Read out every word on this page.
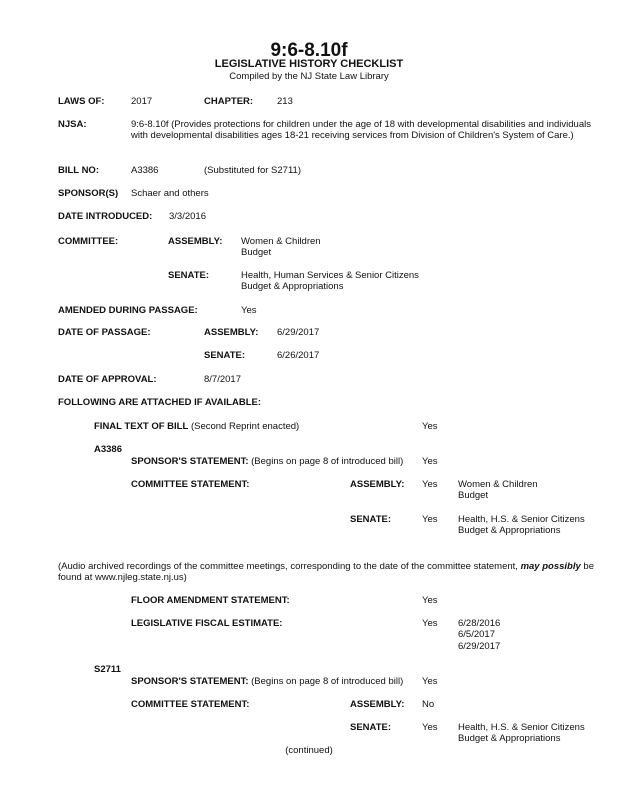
9:6-8.10f
LEGISLATIVE HISTORY CHECKLIST
Compiled by the NJ State Law Library
LAWS OF:	2017	CHAPTER:	213
NJSA:	9:6-8.10f (Provides protections for children under the age of 18 with developmental disabilities and individuals with developmental disabilities ages 18-21 receiving services from Division of Children's System of Care.)
BILL NO:	A3386	(Substituted for S2711)
SPONSOR(S) Schaer and others
DATE INTRODUCED: 3/3/2016
COMMITTEE:	ASSEMBLY: Women & Children
Budget
SENATE:	Health, Human Services & Senior Citizens
Budget & Appropriations
AMENDED DURING PASSAGE:	Yes
DATE OF PASSAGE:	ASSEMBLY: 6/29/2017
SENATE:	6/26/2017
DATE OF APPROVAL:	8/7/2017
FOLLOWING ARE ATTACHED IF AVAILABLE:
FINAL TEXT OF BILL (Second Reprint enacted)	Yes
A3386
SPONSOR'S STATEMENT: (Begins on page 8 of introduced bill) Yes
COMMITTEE STATEMENT:	ASSEMBLY: Yes Women & Children
Budget
SENATE:	Yes Health, H.S. & Senior Citizens
Budget & Appropriations
(Audio archived recordings of the committee meetings, corresponding to the date of the committee statement, may possibly be found at www.njleg.state.nj.us)
FLOOR AMENDMENT STATEMENT:	Yes
LEGISLATIVE FISCAL ESTIMATE:	Yes 6/28/2016
6/5/2017
6/29/2017
S2711
SPONSOR'S STATEMENT: (Begins on page 8 of introduced bill) Yes
COMMITTEE STATEMENT:	ASSEMBLY: No
SENATE:	Yes Health, H.S. & Senior Citizens
Budget & Appropriations
(continued)
